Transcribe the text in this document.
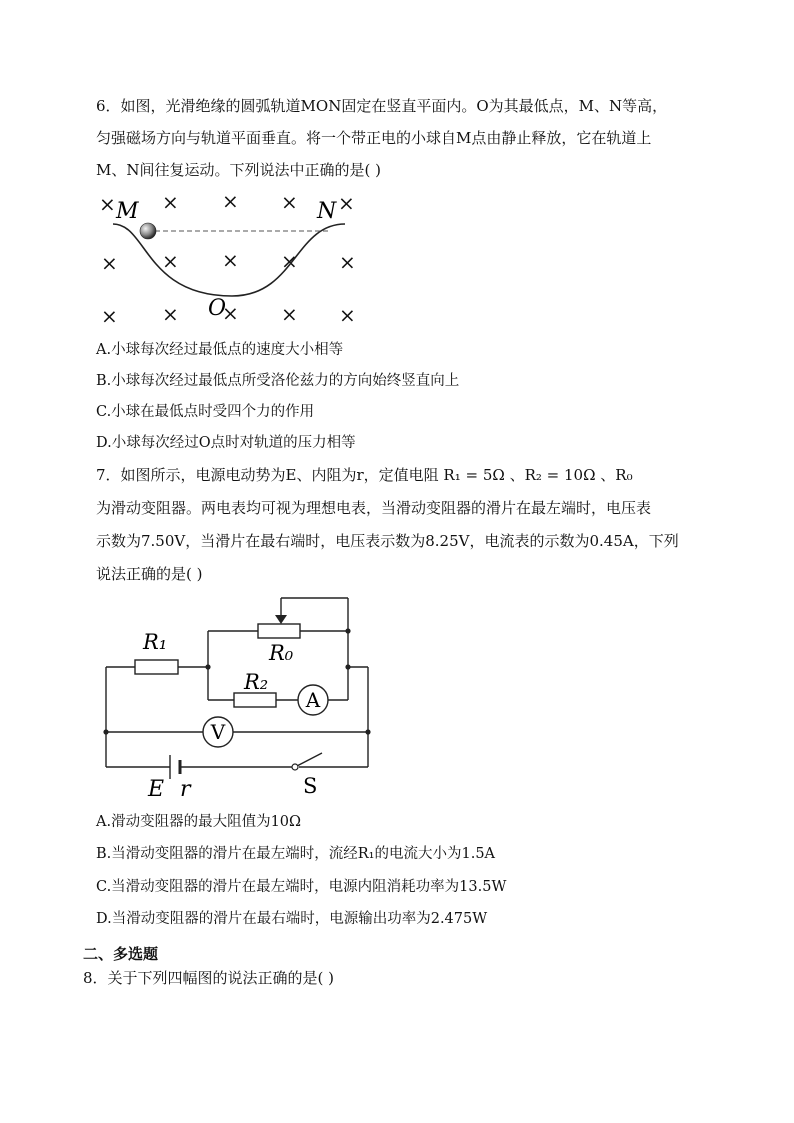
6．如图，光滑绝缘的圆弧轨道MON固定在竖直平面内。O为其最低点，M、N等高，
匀强磁场方向与轨道平面垂直。将一个带正电的小球自M点由静止释放，它在轨道上
M、N间往复运动。下列说法中正确的是( )
× × × × ×
× × × × ×
× × × × ×
M	N
O
A.小球每次经过最低点的速度大小相等
B.小球每次经过最低点所受洛伦兹力的方向始终竖直向上
C.小球在最低点时受四个力的作用
D.小球每次经过O点时对轨道的压力相等
7．如图所示，电源电动势为E、内阻为r，定值电阻 R₁ = 5Ω 、R₂ = 10Ω 、R₀
为滑动变阻器。两电表均可视为理想电表，当滑动变阻器的滑片在最左端时，电压表
示数为7.50V，当滑片在最右端时，电压表示数为8.25V，电流表的示数为0.45A，下列
说法正确的是( )
A
V
R₁	R₀
R₂
E r	S
A.滑动变阻器的最大阻值为10Ω
B.当滑动变阻器的滑片在最左端时，流经R₁的电流大小为1.5A
C.当滑动变阻器的滑片在最左端时，电源内阻消耗功率为13.5W
D.当滑动变阻器的滑片在最右端时，电源输出功率为2.475W
二、多选题
8．关于下列四幅图的说法正确的是( )
